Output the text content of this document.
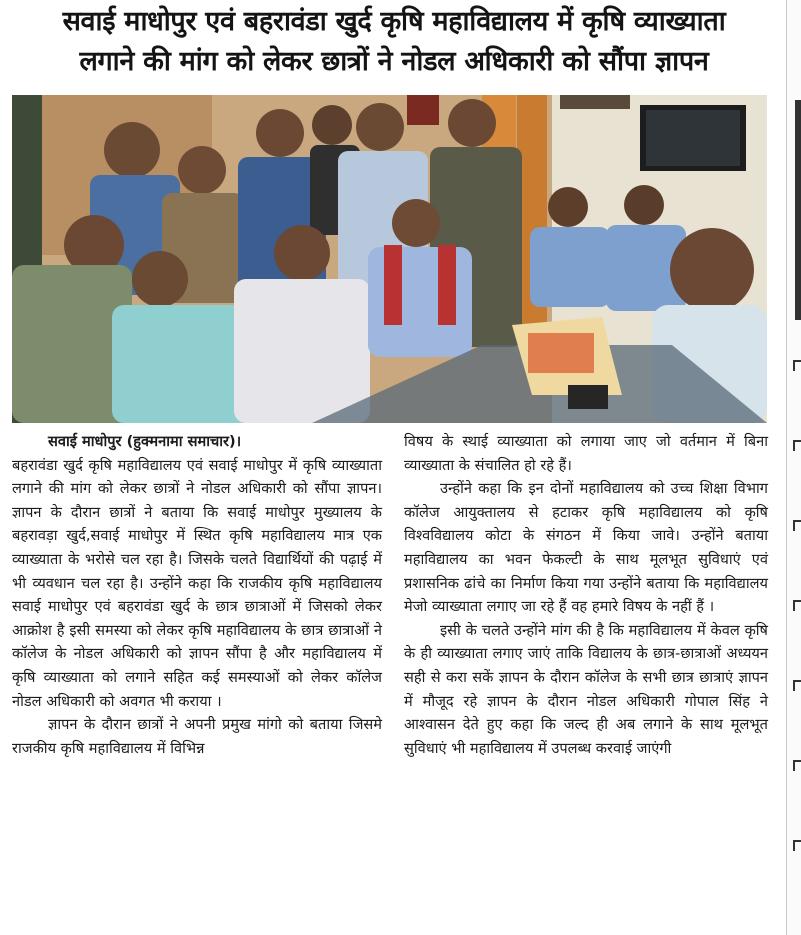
सवाई माधोपुर एवं बहरावंडा खुर्द कृषि महाविद्यालय में कृषि व्याख्याता
लगाने की मांग को लेकर छात्रों ने नोडल अधिकारी को सौंपा ज्ञापन

सवाई माधोपुर (हुक्मनामा समाचार)।

बहरावंडा खुर्द कृषि महाविद्यालय एवं सवाई माधोपुर में कृषि व्याख्याता लगाने की मांग को लेकर छात्रों ने नोडल अधिकारी को सौंपा ज्ञापन। ज्ञापन के दौरान छात्रों ने बताया कि सवाई माधोपुर मुख्यालय के बहरावड़ा खुर्द,सवाई माधोपुर में स्थित कृषि महाविद्यालय मात्र एक व्याख्याता के भरोसे चल रहा है। जिसके चलते विद्यार्थियों की पढ़ाई में भी व्यवधान चल रहा है। उन्होंने कहा कि राजकीय कृषि महाविद्यालय सवाई माधोपुर एवं बहरावंडा खुर्द के छात्र छात्राओं में जिसको लेकर आक्रोश है इसी समस्या को लेकर कृषि महाविद्यालय के छात्र छात्राओं ने कॉलेज के नोडल अधिकारी को ज्ञापन सौंपा है और महाविद्यालय में कृषि व्याख्याता को लगाने सहित कई समस्याओं को लेकर कॉलेज नोडल अधिकारी को अवगत भी कराया ।

ज्ञापन के दौरान छात्रों ने अपनी प्रमुख मांगो को बताया जिसमे राजकीय कृषि महाविद्यालय में विभिन्न

विषय के स्थाई व्याख्याता को लगाया जाए जो वर्तमान में बिना व्याख्याता के संचालित हो रहे हैं।

उन्होंने कहा कि इन दोनों महाविद्यालय को उच्च शिक्षा विभाग कॉलेज आयुक्तालय से हटाकर कृषि महाविद्यालय को कृषि विश्वविद्यालय कोटा के संगठन में किया जावे। उन्होंने बताया महाविद्यालय का भवन फेकल्टी के साथ मूलभूत सुविधाएं एवं प्रशासनिक ढांचे का निर्माण किया गया उन्होंने बताया कि महाविद्यालय मेजो व्याख्याता लगाए जा रहे हैं वह हमारे विषय के नहीं हैं ।

इसी के चलते उन्होंने मांग की है कि महाविद्यालय में केवल कृषि के ही व्याख्याता लगाए जाएं ताकि विद्यालय के छात्र-छात्राओं अध्ययन सही से करा सकें ज्ञापन के दौरान कॉलेज के सभी छात्र छात्राएं ज्ञापन में मौजूद रहे ज्ञापन के दौरान नोडल अधिकारी गोपाल सिंह ने आश्वासन देते हुए कहा कि जल्द ही अब लगाने के साथ मूलभूत सुविधाएं भी महाविद्यालय में उपलब्ध करवाई जाएंगी
